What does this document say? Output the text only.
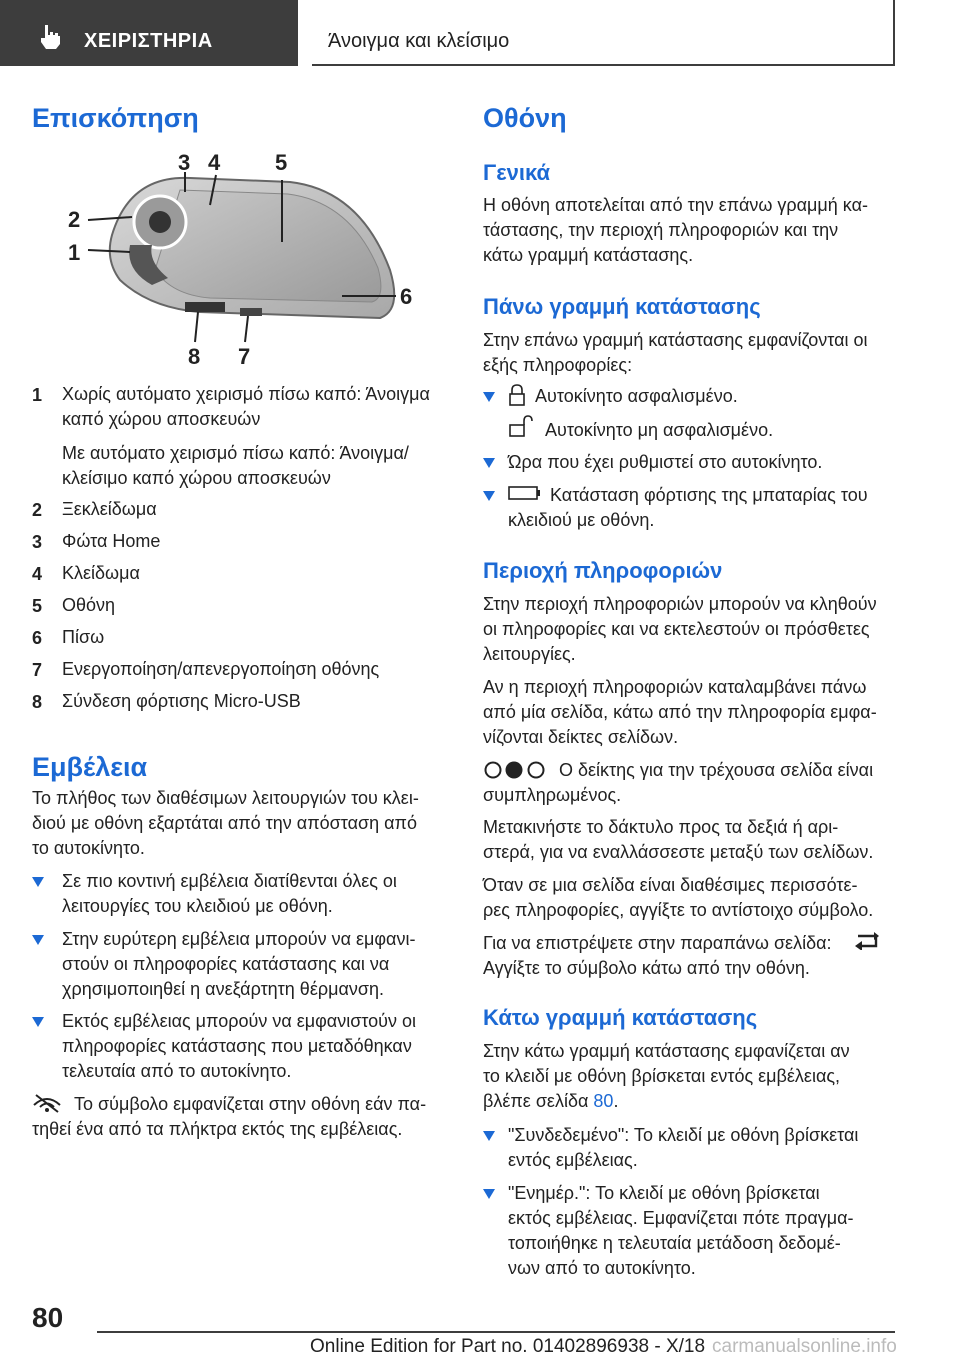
ΧΕΙΡΙΣΤΗΡΙΑ	Άνοιγμα και κλείσιμο
Επισκόπηση
3 4 5
2
1
6
8 7
1 Χωρίς αυτόματο χειρισμό πίσω καπό: Άνοιγμα
καπό χώρου αποσκευών
Με αυτόματο χειρισμό πίσω καπό: Άνοιγμα/
κλείσιμο καπό χώρου αποσκευών
2 Ξεκλείδωμα
3 Φώτα Home
4 Κλείδωμα
5 Οθόνη
6 Πίσω
7 Ενεργοποίηση/απενεργοποίηση οθόνης
8 Σύνδεση φόρτισης Micro-USB
Εμβέλεια
Το πλήθος των διαθέσιμων λειτουργιών του κλει-
διού με οθόνη εξαρτάται από την απόσταση από
το αυτοκίνητο.
Σε πιο κοντινή εμβέλεια διατίθενται όλες οι
λειτουργίες του κλειδιού με οθόνη.
Στην ευρύτερη εμβέλεια μπορούν να εμφανι-
στούν οι πληροφορίες κατάστασης και να
χρησιμοποιηθεί η ανεξάρτητη θέρμανση.
Εκτός εμβέλειας μπορούν να εμφανιστούν οι
πληροφορίες κατάστασης που μεταδόθηκαν
τελευταία από το αυτοκίνητο.
Το σύμβολο εμφανίζεται στην οθόνη εάν πα-
τηθεί ένα από τα πλήκτρα εκτός της εμβέλειας.
Οθόνη
Γενικά
Η οθόνη αποτελείται από την επάνω γραμμή κα-
τάστασης, την περιοχή πληροφοριών και την
κάτω γραμμή κατάστασης.
Πάνω γραμμή κατάστασης
Στην επάνω γραμμή κατάστασης εμφανίζονται οι
εξής πληροφορίες:
Αυτοκίνητο ασφαλισμένο.
Αυτοκίνητο μη ασφαλισμένο.
Ώρα που έχει ρυθμιστεί στο αυτοκίνητο.
Κατάσταση φόρτισης της μπαταρίας του
κλειδιού με οθόνη.
Περιοχή πληροφοριών
Στην περιοχή πληροφοριών μπορούν να κληθούν
οι πληροφορίες και να εκτελεστούν οι πρόσθετες
λειτουργίες.
Αν η περιοχή πληροφοριών καταλαμβάνει πάνω
από μία σελίδα, κάτω από την πληροφορία εμφα-
νίζονται δείκτες σελίδων.
Ο δείκτης για την τρέχουσα σελίδα είναι
συμπληρωμένος.
Μετακινήστε το δάκτυλο προς τα δεξιά ή αρι-
στερά, για να εναλλάσσεστε μεταξύ των σελίδων.
Όταν σε μια σελίδα είναι διαθέσιμες περισσότε-
ρες πληροφορίες, αγγίξτε το αντίστοιχο σύμβολο.
Για να επιστρέψετε στην παραπάνω σελίδα:
Αγγίξτε το σύμβολο κάτω από την οθόνη.
Κάτω γραμμή κατάστασης
Στην κάτω γραμμή κατάστασης εμφανίζεται αν
το κλειδί με οθόνη βρίσκεται εντός εμβέλειας,
βλέπε σελίδα 80.
"Συνδεδεμένο": Το κλειδί με οθόνη βρίσκεται
εντός εμβέλειας.
"Ενημέρ.": Το κλειδί με οθόνη βρίσκεται
εκτός εμβέλειας. Εμφανίζεται πότε πραγμα-
τοποιήθηκε η τελευταία μετάδοση δεδομέ-
νων από το αυτοκίνητο.
80
Online Edition for Part no. 01402896938 - X/18 carmanualsonline.info
